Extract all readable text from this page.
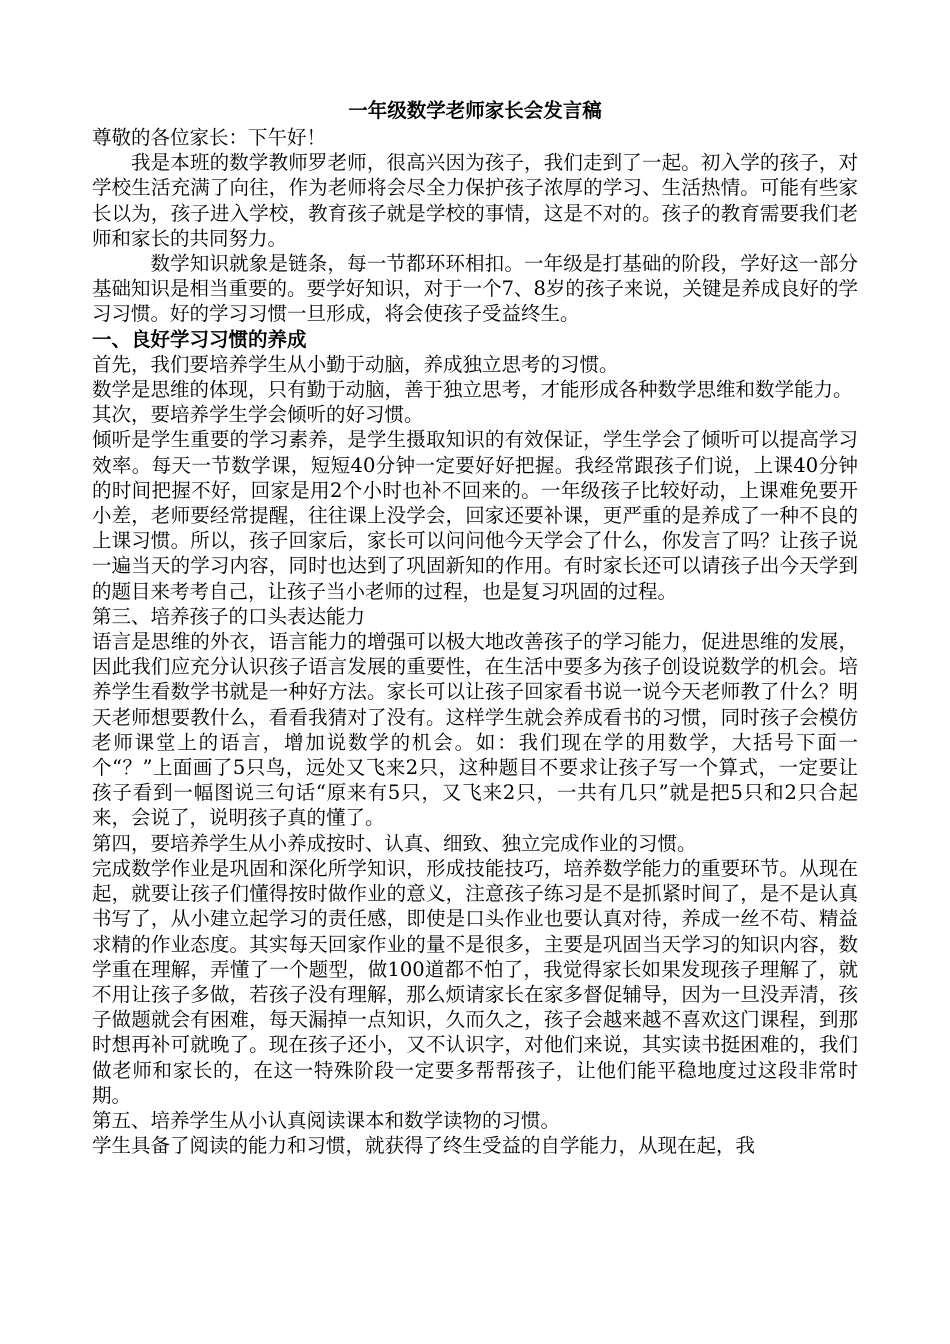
一年级数学老师家长会发言稿

尊敬的各位家长：下午好！

我是本班的数学教师罗老师，很高兴因为孩子，我们走到了一起。初入学的孩子，对学校生活充满了向往，作为老师将会尽全力保护孩子浓厚的学习、生活热情。可能有些家长以为，孩子进入学校，教育孩子就是学校的事情，这是不对的。孩子的教育需要我们老师和家长的共同努力。

数学知识就象是链条，每一节都环环相扣。一年级是打基础的阶段，学好这一部分基础知识是相当重要的。要学好知识，对于一个7、8岁的孩子来说，关键是养成良好的学习习惯。好的学习习惯一旦形成，将会使孩子受益终生。

一、良好学习习惯的养成

首先，我们要培养学生从小勤于动脑，养成独立思考的习惯。

数学是思维的体现，只有勤于动脑，善于独立思考，才能形成各种数学思维和数学能力。

其次，要培养学生学会倾听的好习惯。

倾听是学生重要的学习素养，是学生摄取知识的有效保证，学生学会了倾听可以提高学习效率。每天一节数学课，短短40分钟一定要好好把握。我经常跟孩子们说，上课40分钟的时间把握不好，回家是用2个小时也补不回来的。一年级孩子比较好动，上课难免要开小差，老师要经常提醒，往往课上没学会，回家还要补课，更严重的是养成了一种不良的上课习惯。所以，孩子回家后，家长可以问问他今天学会了什么，你发言了吗？让孩子说一遍当天的学习内容，同时也达到了巩固新知的作用。有时家长还可以请孩子出今天学到的题目来考考自己，让孩子当小老师的过程，也是复习巩固的过程。

第三、培养孩子的口头表达能力

语言是思维的外衣，语言能力的增强可以极大地改善孩子的学习能力，促进思维的发展，因此我们应充分认识孩子语言发展的重要性，在生活中要多为孩子创设说数学的机会。培养学生看数学书就是一种好方法。家长可以让孩子回家看书说一说今天老师教了什么？明天老师想要教什么，看看我猜对了没有。这样学生就会养成看书的习惯，同时孩子会模仿老师课堂上的语言，增加说数学的机会。如：我们现在学的用数学，大括号下面一个“？”上面画了5只鸟，远处又飞来2只，这种题目不要求让孩子写一个算式，一定要让孩子看到一幅图说三句话“原来有5只，又飞来2只，一共有几只”就是把5只和2只合起来，会说了，说明孩子真的懂了。

第四，要培养学生从小养成按时、认真、细致、独立完成作业的习惯。

完成数学作业是巩固和深化所学知识，形成技能技巧，培养数学能力的重要环节。从现在起，就要让孩子们懂得按时做作业的意义，注意孩子练习是不是抓紧时间了，是不是认真书写了，从小建立起学习的责任感，即使是口头作业也要认真对待，养成一丝不苟、精益求精的作业态度。其实每天回家作业的量不是很多，主要是巩固当天学习的知识内容，数学重在理解，弄懂了一个题型，做100道都不怕了，我觉得家长如果发现孩子理解了，就不用让孩子多做，若孩子没有理解，那么烦请家长在家多督促辅导，因为一旦没弄清，孩子做题就会有困难，每天漏掉一点知识，久而久之，孩子会越来越不喜欢这门课程，到那时想再补可就晚了。现在孩子还小，又不认识字，对他们来说，其实读书挺困难的，我们做老师和家长的，在这一特殊阶段一定要多帮帮孩子，让他们能平稳地度过这段非常时期。

第五、培养学生从小认真阅读课本和数学读物的习惯。

学生具备了阅读的能力和习惯，就获得了终生受益的自学能力，从现在起，我
